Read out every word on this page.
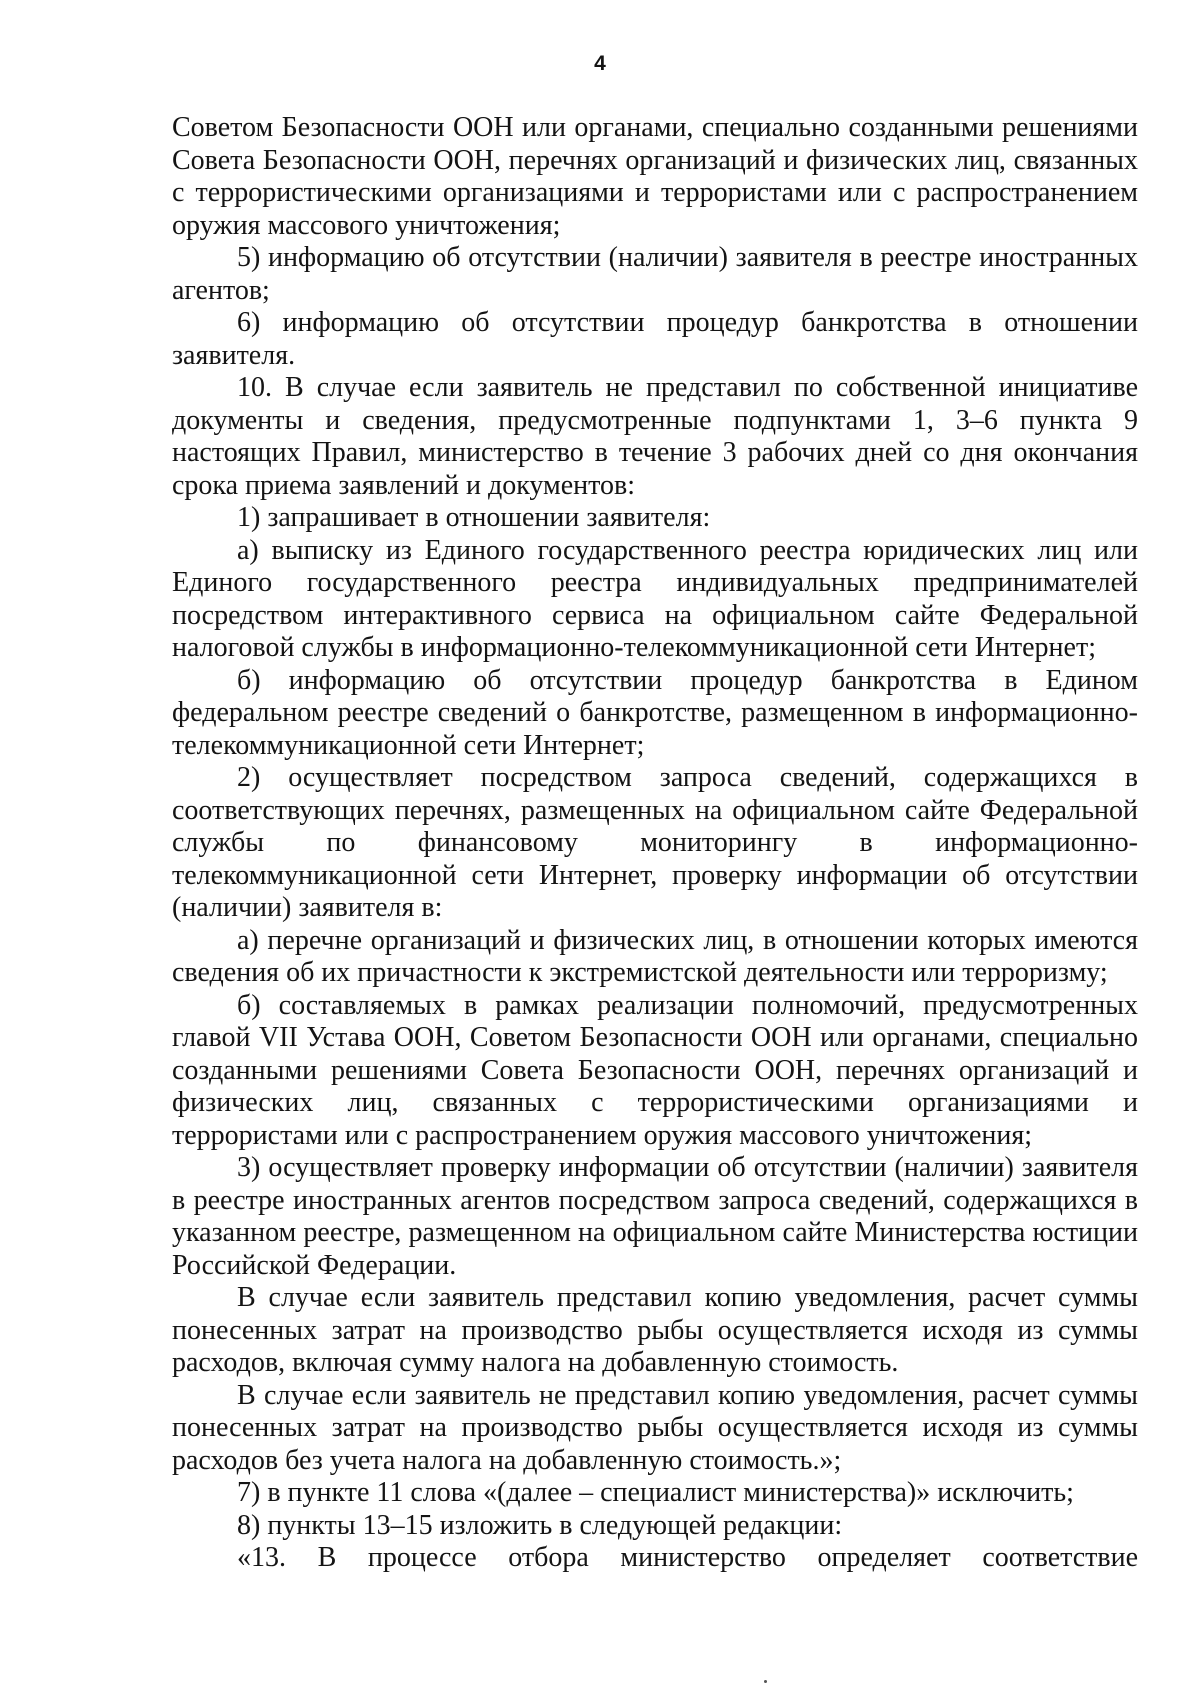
4

Советом Безопасности ООН или органами, специально созданными решениями Совета Безопасности ООН, перечнях организаций и физических лиц, связанных с террористическими организациями и террористами или с распространением оружия массового уничтожения;

5) информацию об отсутствии (наличии) заявителя в реестре иностранных агентов;

6) информацию об отсутствии процедур банкротства в отношении заявителя.

10. В случае если заявитель не представил по собственной инициативе документы и сведения, предусмотренные подпунктами 1, 3–6 пункта 9 настоящих Правил, министерство в течение 3 рабочих дней со дня окончания срока приема заявлений и документов:

1) запрашивает в отношении заявителя:

а) выписку из Единого государственного реестра юридических лиц или Единого государственного реестра индивидуальных предпринимателей посредством интерактивного сервиса на официальном сайте Федеральной налоговой службы в информационно-телекоммуникационной сети Интернет;

б) информацию об отсутствии процедур банкротства в Едином федеральном реестре сведений о банкротстве, размещенном в информационно-телекоммуникационной сети Интернет;

2) осуществляет посредством запроса сведений, содержащихся в соответствующих перечнях, размещенных на официальном сайте Федеральной службы по финансовому мониторингу в информационно-телекоммуникационной сети Интернет, проверку информации об отсутствии (наличии) заявителя в:

а) перечне организаций и физических лиц, в отношении которых имеются сведения об их причастности к экстремистской деятельности или терроризму;

б) составляемых в рамках реализации полномочий, предусмотренных главой VII Устава ООН, Советом Безопасности ООН или органами, специально созданными решениями Совета Безопасности ООН, перечнях организаций и физических лиц, связанных с террористическими организациями и террористами или с распространением оружия массового уничтожения;

3) осуществляет проверку информации об отсутствии (наличии) заявителя в реестре иностранных агентов посредством запроса сведений, содержащихся в указанном реестре, размещенном на официальном сайте Министерства юстиции Российской Федерации.

В случае если заявитель представил копию уведомления, расчет суммы понесенных затрат на производство рыбы осуществляется исходя из суммы расходов, включая сумму налога на добавленную стоимость.

В случае если заявитель не представил копию уведомления, расчет суммы понесенных затрат на производство рыбы осуществляется исходя из суммы расходов без учета налога на добавленную стоимость.»;

7) в пункте 11 слова «(далее – специалист министерства)» исключить;

8) пункты 13–15 изложить в следующей редакции:

«13. В процессе отбора министерство определяет соответствие
